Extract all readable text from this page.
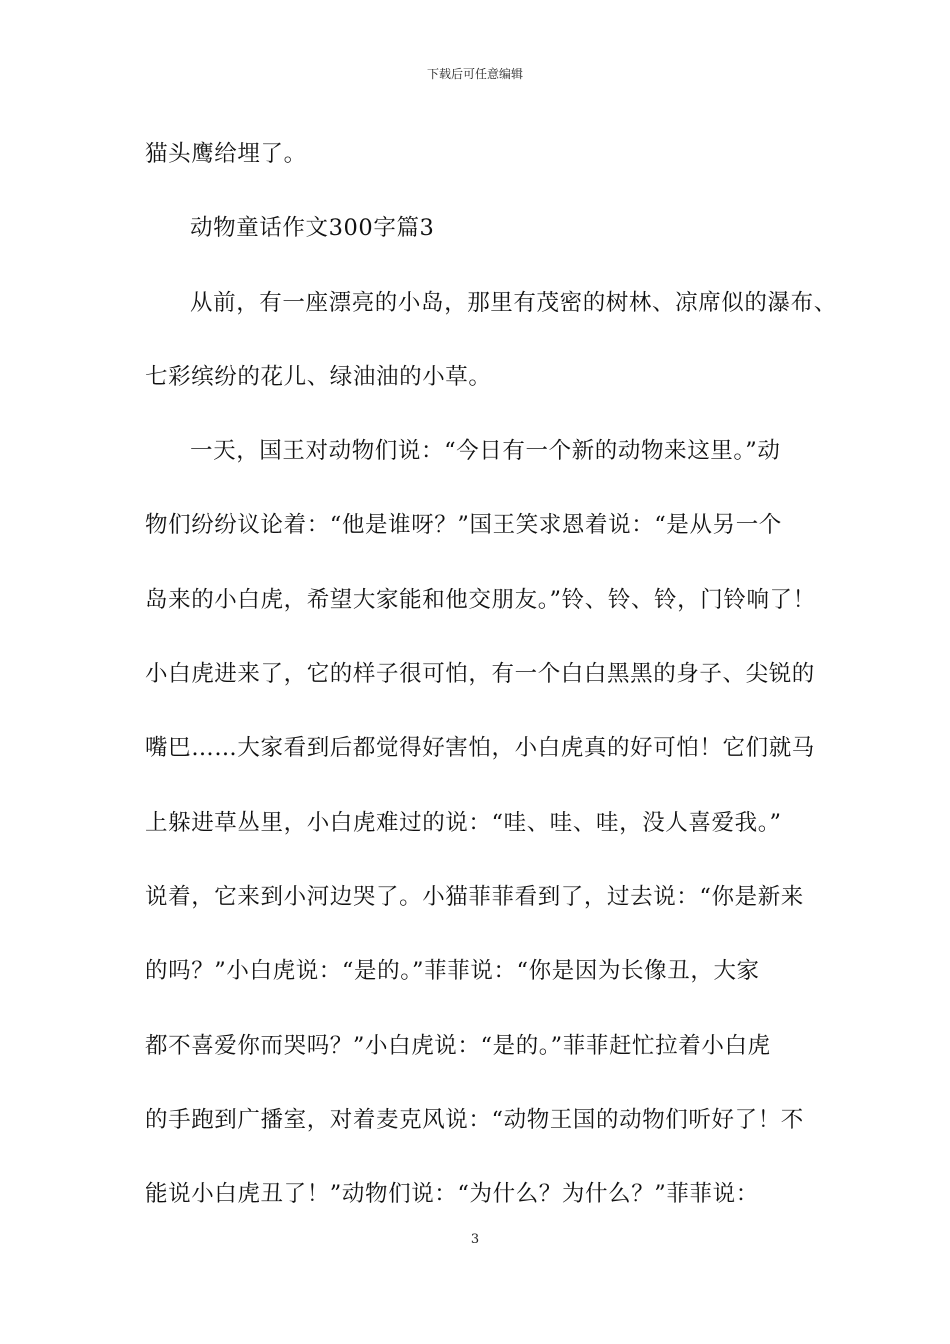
下载后可任意编辑
猫头鹰给埋了。
动物童话作文300字篇3
从前，有一座漂亮的小岛，那里有茂密的树林、凉席似的瀑布、
七彩缤纷的花儿、绿油油的小草。
一天，国王对动物们说：“今日有一个新的动物来这里。”动
物们纷纷议论着：“他是谁呀？”国王笑求恩着说：“是从另一个
岛来的小白虎，希望大家能和他交朋友。”铃、铃、铃，门铃响了！
小白虎进来了，它的样子很可怕，有一个白白黑黑的身子、尖锐的
嘴巴……大家看到后都觉得好害怕，小白虎真的好可怕！它们就马
上躲进草丛里，小白虎难过的说：“哇、哇、哇，没人喜爱我。”
说着，它来到小河边哭了。小猫菲菲看到了，过去说：“你是新来
的吗？”小白虎说：“是的。”菲菲说：“你是因为长像丑，大家
都不喜爱你而哭吗？”小白虎说：“是的。”菲菲赶忙拉着小白虎
的手跑到广播室，对着麦克风说：“动物王国的动物们听好了！不
能说小白虎丑了！”动物们说：“为什么？为什么？”菲菲说：
3
